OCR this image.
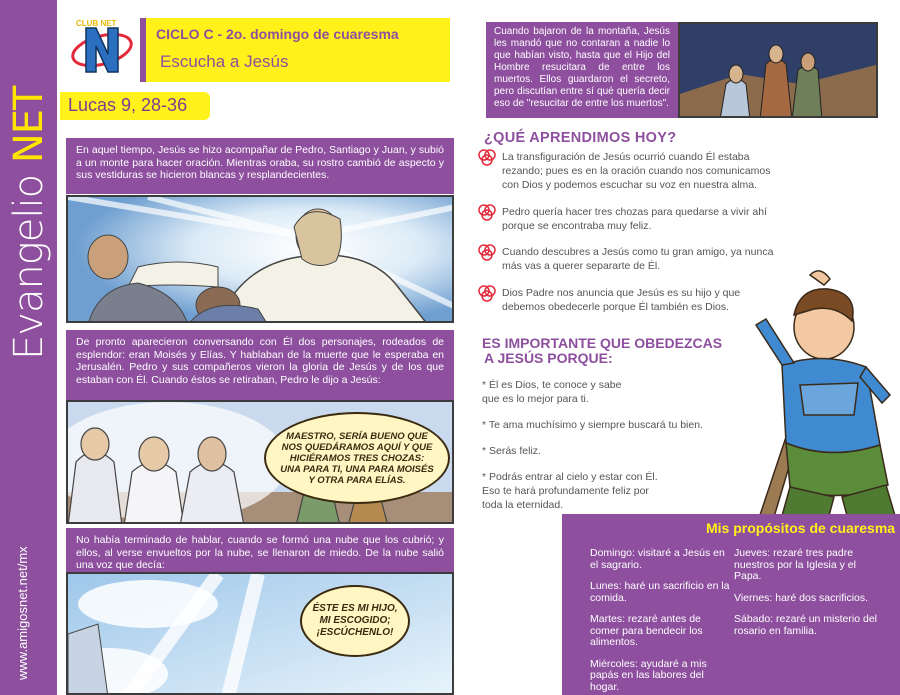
Evangelio NET
www.amigosnet.net/mx
CLUB NET
CICLO C - 2o. domingo de cuaresma
Escucha a Jesús
Lucas 9, 28-36
En aquel tiempo, Jesús se hizo acompañar de Pedro, Santiago y Juan, y subió a un monte para hacer oración. Mientras oraba, su rostro cambió de aspecto y sus vestiduras se hicieron blancas y resplandecientes.
De pronto aparecieron conversando con Él dos personajes, rodeados de esplendor: eran Moisés y Elías. Y hablaban de la muerte que le esperaba en Jerusalén. Pedro y sus compañeros vieron la gloria de Jesús y de los que estaban con Él. Cuando éstos se retiraban, Pedro le dijo a Jesús:
MAESTRO, SERÍA BUENO QUE NOS QUEDÁRAMOS AQUÍ Y QUE HICIÉRAMOS TRES CHOZAS: UNA PARA TI, UNA PARA MOISÉS Y OTRA PARA ELÍAS.
No había terminado de hablar, cuando se formó una nube que los cubrió; y ellos, al verse envueltos por la nube, se llenaron de miedo. De la nube salió una voz que decía:
ÉSTE ES MI HIJO, MI ESCOGIDO; ¡ESCÚCHENLO!
Cuando bajaron de la montaña, Jesús les mandó que no contaran a nadie lo que habían visto, hasta que el Hijo del Hombre resucitara de entre los muertos. Ellos guardaron el secreto, pero discutían entre sí qué quería decir eso de "resucitar de entre los muertos".
¿QUÉ APRENDIMOS HOY?
La transfiguración de Jesús ocurrió cuando Él estaba rezando; pues es en la oración cuando nos comunicamos con Dios y podemos escuchar su voz en nuestra alma.
Pedro quería hacer tres chozas para quedarse a vivir ahí porque se encontraba muy feliz.
Cuando descubres a Jesús como tu gran amigo, ya nunca más vas a querer separarte de Él.
Dios Padre nos anuncia que Jesús es su hijo y que debemos obedecerle porque Él también es Dios.
ES IMPORTANTE QUE OBEDEZCAS
A JESÚS PORQUE:
* Él es Dios, te conoce y sabe
que es lo mejor para ti.
* Te ama muchísimo y siempre buscará tu bien.
* Serás feliz.
* Podrás entrar al cielo y estar con Él.
Eso te hará profundamente feliz por
toda la eternidad.
Mis propósitos de cuaresma

Domingo: visitaré a Jesús en el sagrario.

Lunes: haré un sacrificio en la comida.

Martes: rezaré antes de comer para bendecir los alimentos.

Miércoles: ayudaré a mis papás en las labores del hogar.

Jueves: rezaré tres padre nuestros por la Iglesia y el Papa.

Viernes: haré dos sacrificios.

Sábado: rezaré un misterio del rosario en familia.
